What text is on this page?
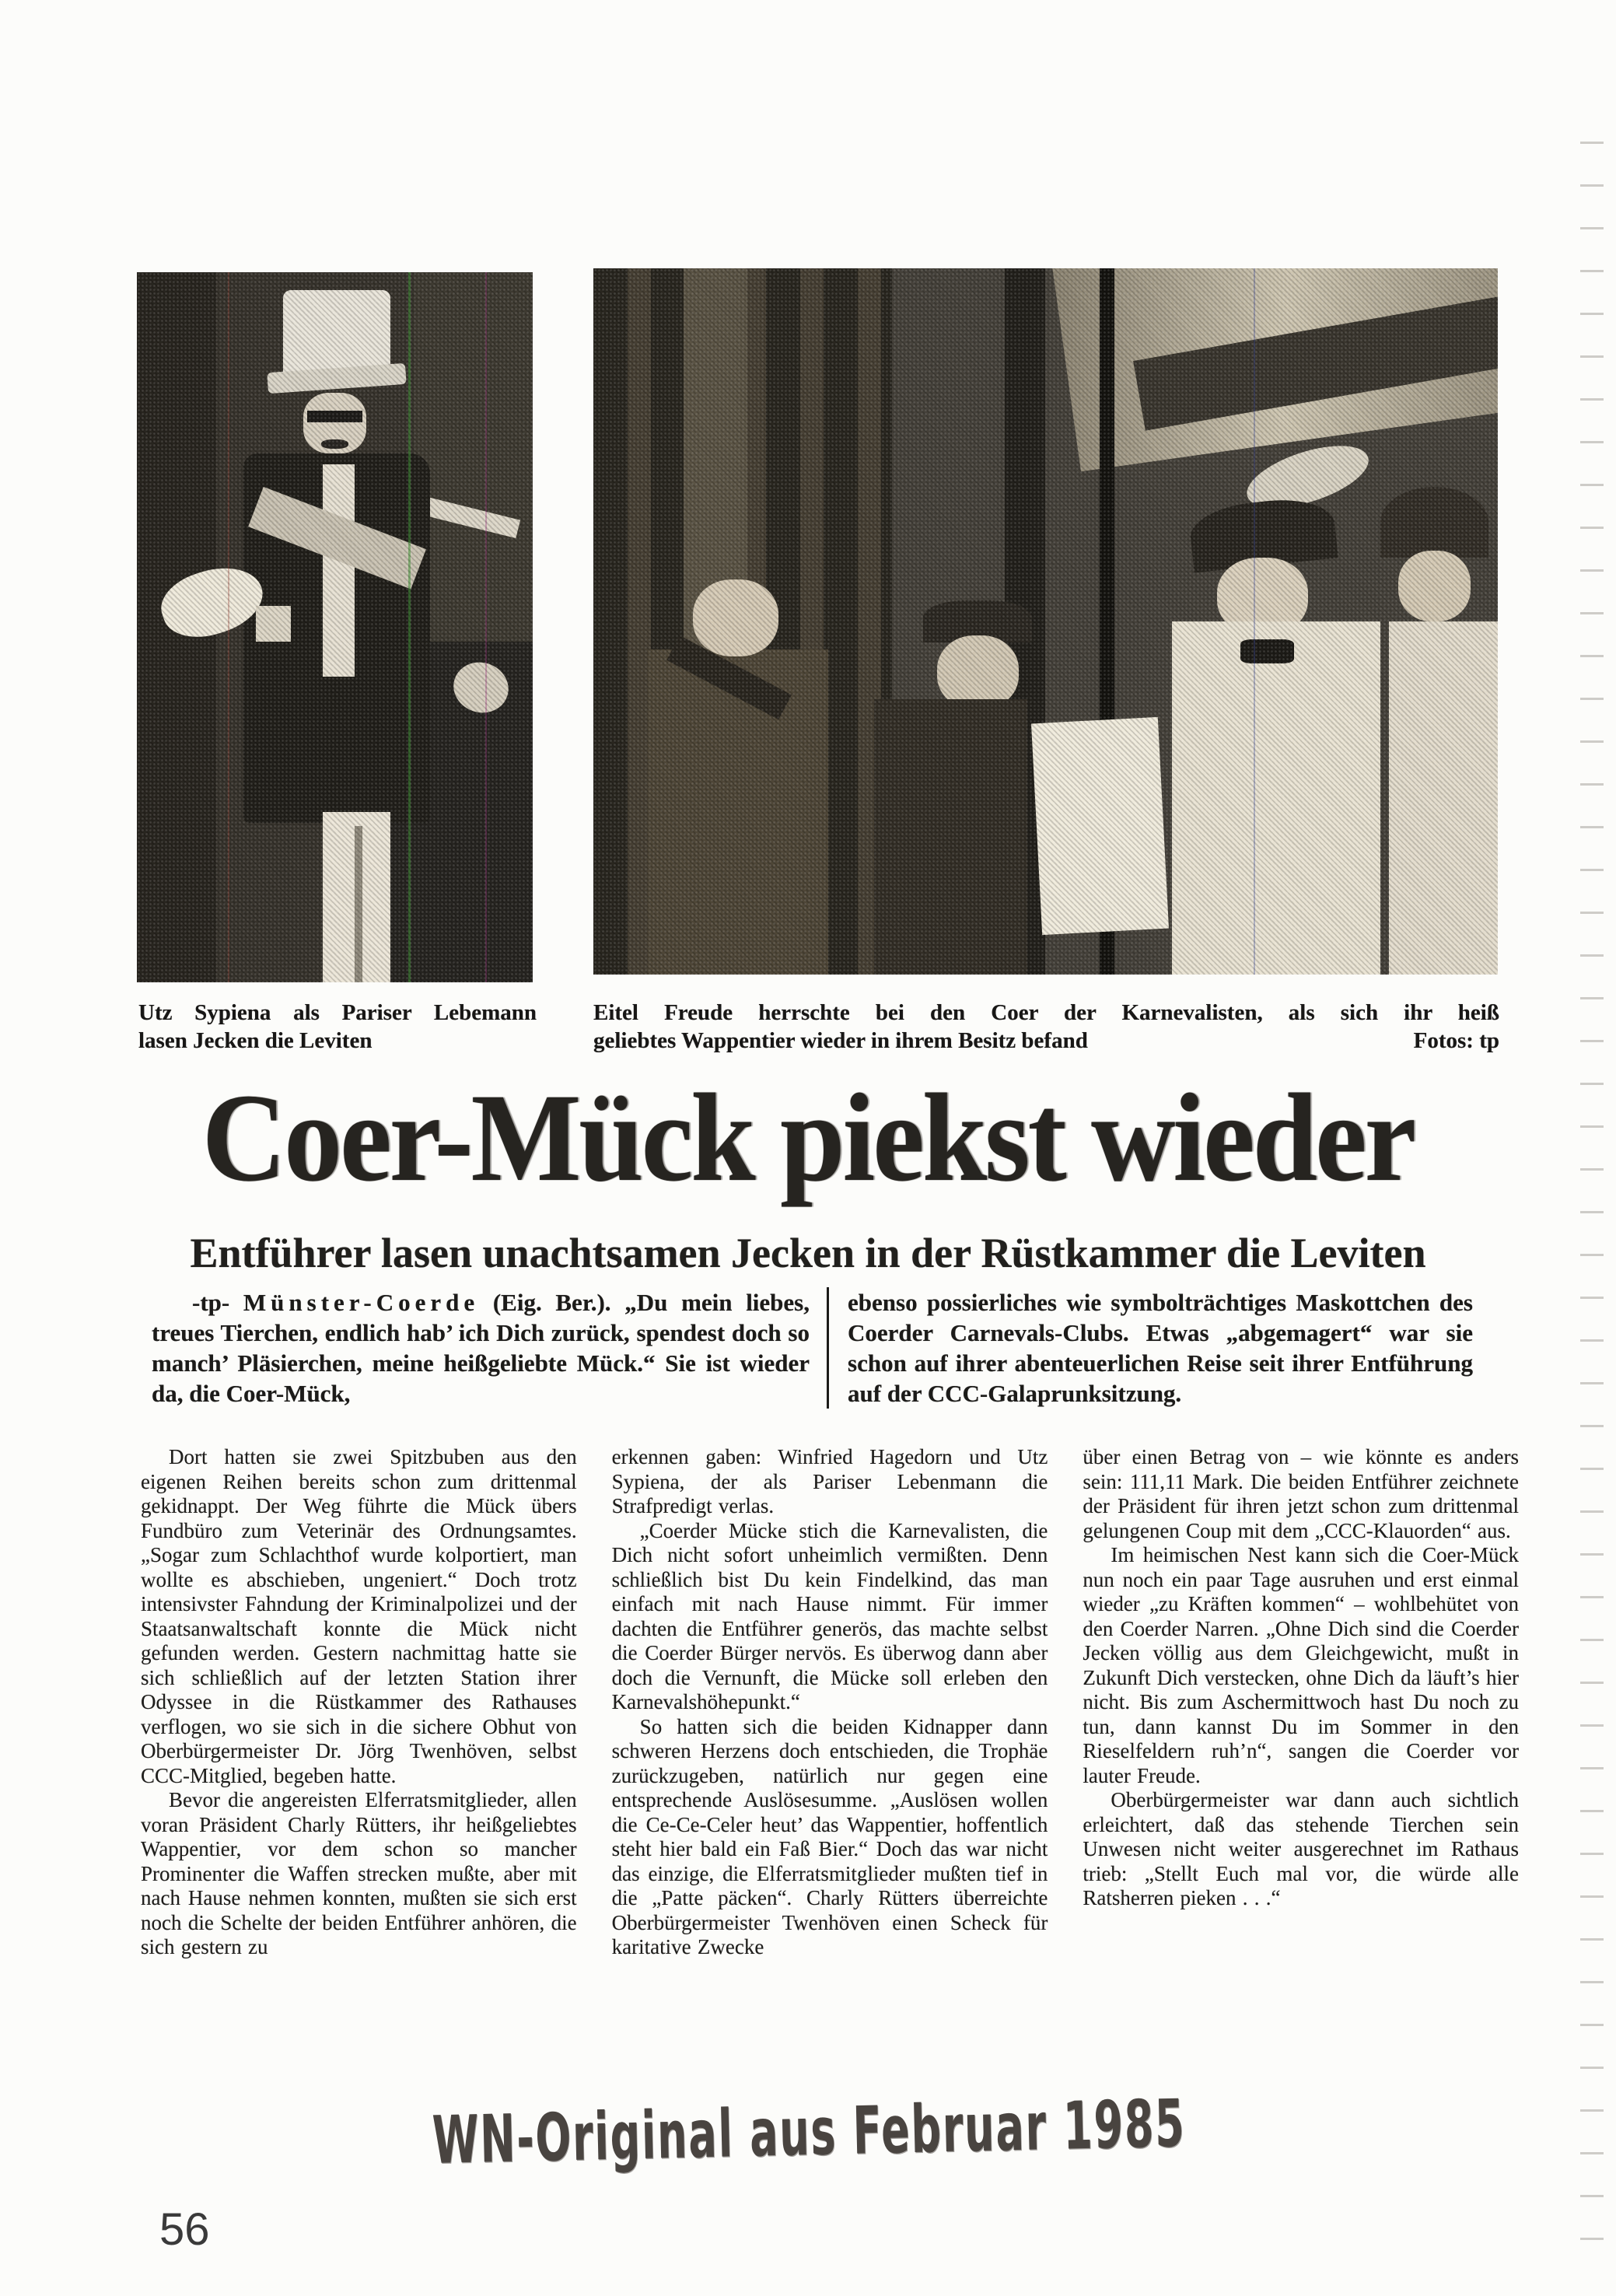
Utz Sypiena als Pariser Lebemann
lasen Jecken die Leviten
Eitel Freude herrschte bei den Coer der Karnevalisten, als sich ihr heiß
geliebtes Wappentier wieder in ihrem Besitz befand	Fotos: tp
Coer-Mück piekst wieder
Entführer lasen unachtsamen Jecken in der Rüstkammer die Leviten
-tp- Münster-Coerde (Eig. Ber.). „Du mein liebes, treues Tierchen, endlich hab’ ich Dich zurück, spendest doch so manch’ Pläsierchen, meine heißgeliebte Mück.“ Sie ist wieder da, die Coer-Mück,
ebenso possierliches wie symbolträchtiges Maskottchen des Coerder Carnevals-Clubs. Etwas „abgemagert“ war sie schon auf ihrer abenteuerlichen Reise seit ihrer Entführung auf der CCC-Galaprunksitzung.

Dort hatten sie zwei Spitzbuben aus den eigenen Reihen bereits schon zum drittenmal gekidnappt. Der Weg führte die Mück übers Fundbüro zum Veterinär des Ordnungsamtes. „Sogar zum Schlachthof wurde kolportiert, man wollte es abschieben, ungeniert.“ Doch trotz intensivster Fahndung der Kriminalpolizei und der Staatsanwaltschaft konnte die Mück nicht gefunden werden. Gestern nachmittag hatte sie sich schließlich auf der letzten Station ihrer Odyssee in die Rüstkammer des Rathauses verflogen, wo sie sich in die sichere Obhut von Oberbürgermeister Dr. Jörg Twenhöven, selbst CCC-Mitglied, begeben hatte.

Bevor die angereisten Elferratsmitglieder, allen voran Präsident Charly Rütters, ihr heißgeliebtes Wappentier, vor dem schon so mancher Prominenter die Waffen strecken mußte, aber mit nach Hause nehmen konnten, mußten sie sich erst noch die Schelte der beiden Entführer anhören, die sich gestern zu

erkennen gaben: Winfried Hagedorn und Utz Sypiena, der als Pariser Lebenmann die Strafpredigt verlas.

„Coerder Mücke stich die Karnevalisten, die Dich nicht sofort unheimlich vermißten. Denn schließlich bist Du kein Findelkind, das man einfach mit nach Hause nimmt. Für immer dachten die Entführer generös, das machte selbst die Coerder Bürger nervös. Es überwog dann aber doch die Vernunft, die Mücke soll erleben den Karnevalshöhepunkt.“

So hatten sich die beiden Kidnapper dann schweren Herzens doch entschieden, die Trophäe zurückzugeben, natürlich nur gegen eine entsprechende Auslösesumme. „Auslösen wollen die Ce-Ce-Celer heut’ das Wappentier, hoffentlich steht hier bald ein Faß Bier.“ Doch das war nicht das einzige, die Elferratsmitglieder mußten tief in die „Patte päcken“. Charly Rütters überreichte Oberbürgermeister Twenhöven einen Scheck für karitative Zwecke

über einen Betrag von – wie könnte es anders sein: 111,11 Mark. Die beiden Entführer zeichnete der Präsident für ihren jetzt schon zum drittenmal gelungenen Coup mit dem „CCC-Klauorden“ aus.

Im heimischen Nest kann sich die Coer-Mück nun noch ein paar Tage ausruhen und erst einmal wieder „zu Kräften kommen“ – wohlbehütet von den Coerder Narren. „Ohne Dich sind die Coerder Jecken völlig aus dem Gleichgewicht, mußt in Zukunft Dich verstecken, ohne Dich da läuft’s hier nicht. Bis zum Aschermittwoch hast Du noch zu tun, dann kannst Du im Sommer in den Rieselfeldern ruh’n“, sangen die Coerder vor lauter Freude.

Oberbürgermeister war dann auch sichtlich erleichtert, daß das stehende Tierchen sein Unwesen nicht weiter ausgerechnet im Rathaus trieb: „Stellt Euch mal vor, die würde alle Ratsherren pieken . . .“

WN-Original aus Februar 1985
56
